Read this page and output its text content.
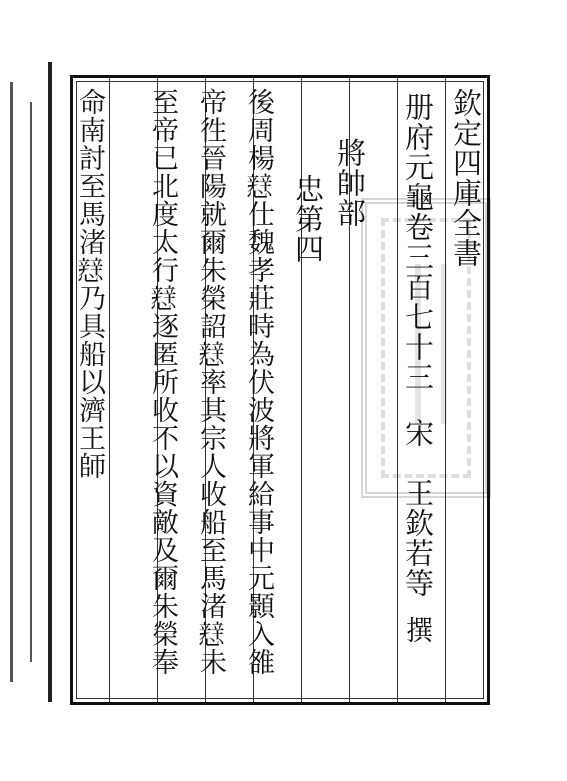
欽定四庫全書
册府元龜卷三百七十三
宋
王欽若等
撰
將帥部
忠第四
後周楊𢣑仕魏孝莊時為伏波將軍給事中元顥入雒
帝徃晉陽就爾朱榮詔𢣑率其宗人收船至馬渚𢣑未
至帝已北度太行𢣑逐匿所收不以資敵及爾朱榮奉
命南討至馬渚𢣑乃具船以濟王師
